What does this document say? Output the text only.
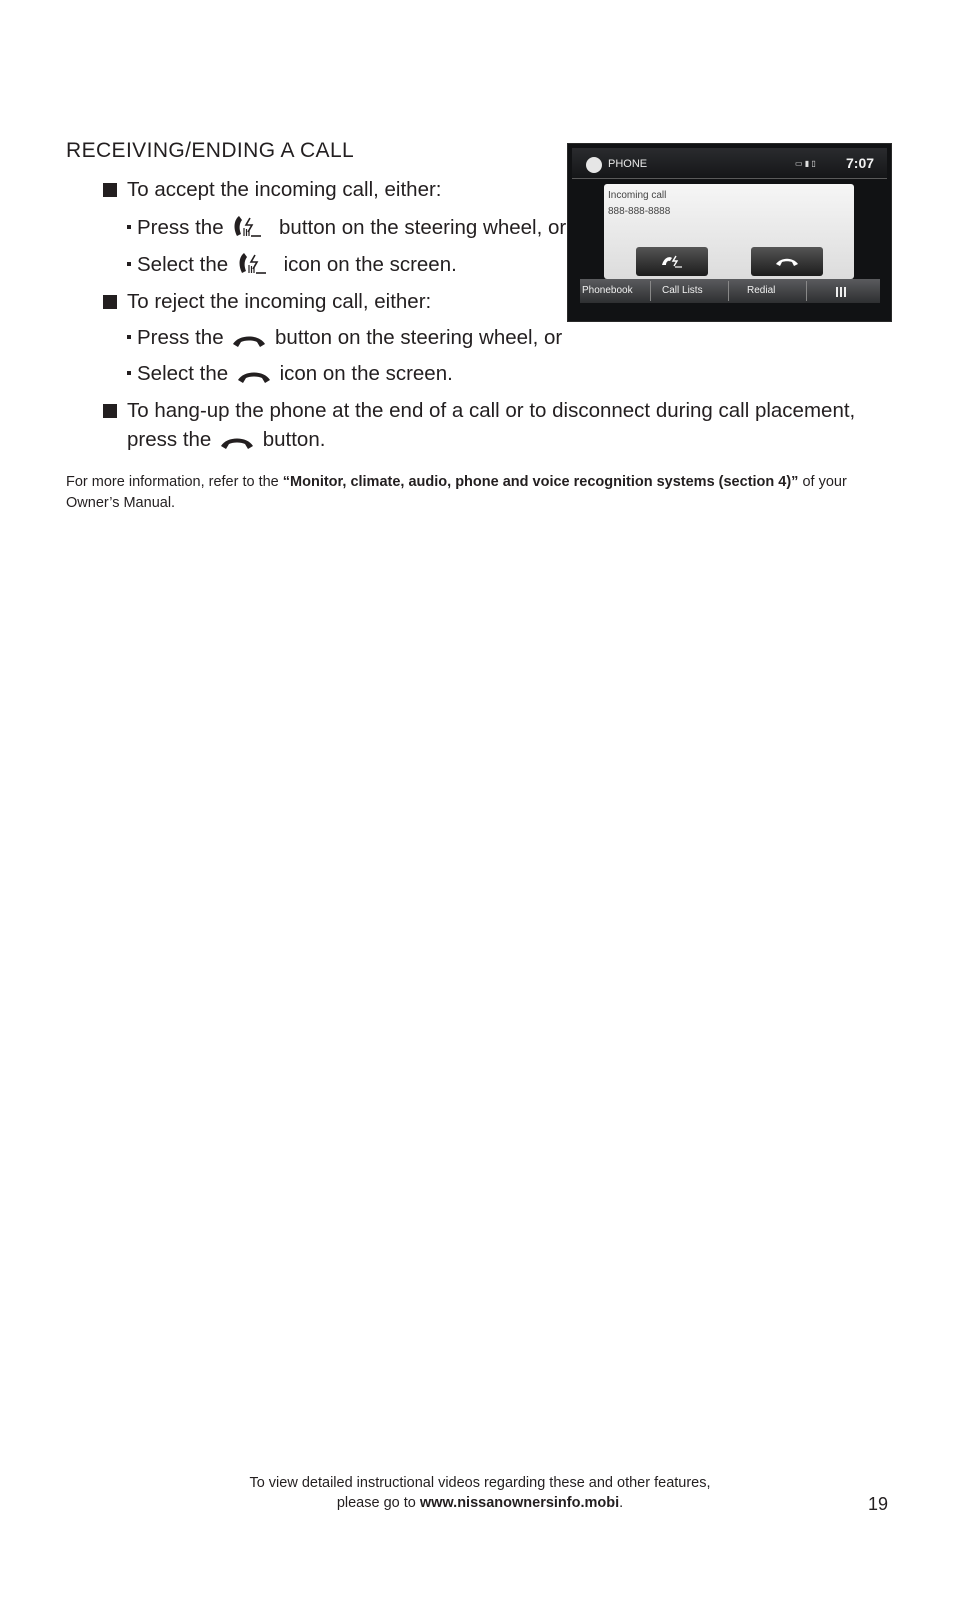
RECEIVING/ENDING A CALL
To accept the incoming call, either:
Press the	button on the steering wheel, or
Select the	icon on the screen.
To reject the incoming call, either:
Press the	button on the steering wheel, or
Select the	icon on the screen.
To hang-up the phone at the end of a call or to disconnect during call placement,
press the	button.
For more information, refer to the “Monitor, climate, audio, phone and voice recognition systems (section 4)” of your Owner’s Manual.
PHONE	▭ ▮ ▯ 7:07
Incoming call
888-888-8888
Phonebook	Call Lists	Redial
To view detailed instructional videos regarding these and other features,
please go to www.nissanownersinfo.mobi.	19
